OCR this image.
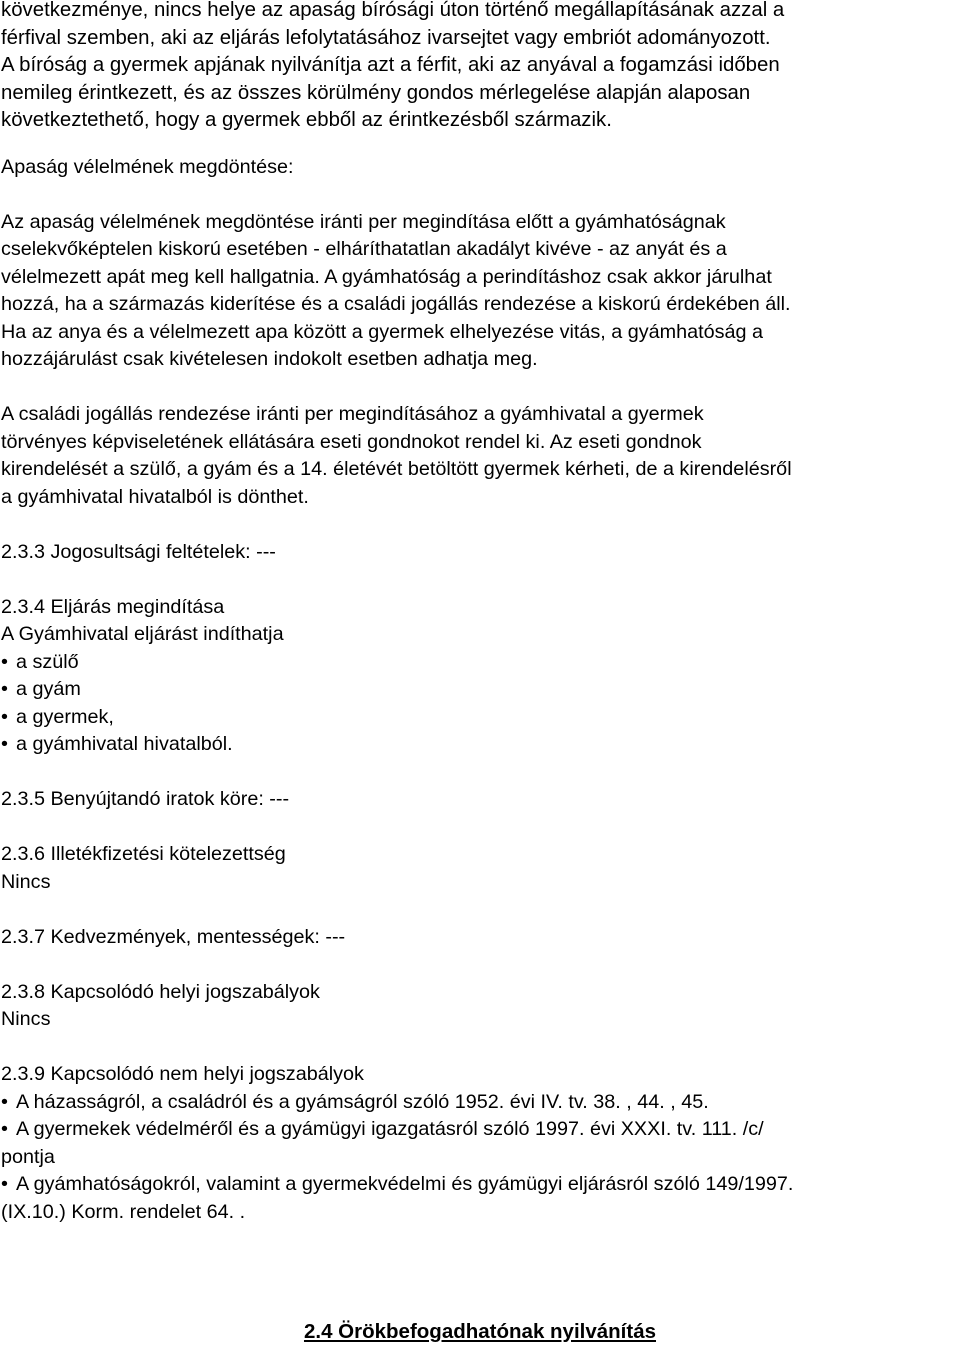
következménye, nincs helye az apaság bírósági úton történő megállapításának azzal a

férfival szemben, aki az eljárás lefolytatásához ivarsejtet vagy embriót adományozott.

A bíróság a gyermek apjának nyilvánítja azt a férfit, aki az anyával a fogamzási időben

nemileg érintkezett, és az összes körülmény gondos mérlegelése alapján alaposan

következtethető, hogy a gyermek ebből az érintkezésből származik.

Apaság vélelmének megdöntése:

Az apaság vélelmének megdöntése iránti per megindítása előtt a gyámhatóságnak

cselekvőképtelen kiskorú esetében - elháríthatatlan akadályt kivéve - az anyát és a

vélelmezett apát meg kell hallgatnia. A gyámhatóság a perindításhoz csak akkor járulhat

hozzá, ha a származás kiderítése és a családi jogállás rendezése a kiskorú érdekében áll.

Ha az anya és a vélelmezett apa között a gyermek elhelyezése vitás, a gyámhatóság a

hozzájárulást csak kivételesen indokolt esetben adhatja meg.

A családi jogállás rendezése iránti per megindításához a gyámhivatal a gyermek

törvényes képviseletének ellátására eseti gondnokot rendel ki. Az eseti gondnok

kirendelését a szülő, a gyám és a 14. életévét betöltött gyermek kérheti, de a kirendelésről

a gyámhivatal hivatalból is dönthet.

2.3.3 Jogosultsági feltételek: ---

2.3.4 Eljárás megindítása

A Gyámhivatal eljárást indíthatja

• a szülő

• a gyám

• a gyermek,

• a gyámhivatal hivatalból.

2.3.5 Benyújtandó iratok köre: ---

2.3.6 Illetékfizetési kötelezettség

Nincs

2.3.7 Kedvezmények, mentességek: ---

2.3.8 Kapcsolódó helyi jogszabályok

Nincs

2.3.9 Kapcsolódó nem helyi jogszabályok

• A házasságról, a családról és a gyámságról szóló 1952. évi IV. tv. 38. , 44. , 45.

• A gyermekek védelméről és a gyámügyi igazgatásról szóló 1997. évi XXXI. tv. 111. /c/

pontja

• A gyámhatóságokról, valamint a gyermekvédelmi és gyámügyi eljárásról szóló 149/1997.

(IX.10.) Korm. rendelet 64. .

2.4 Örökbefogadhatónak nyilvánítás
